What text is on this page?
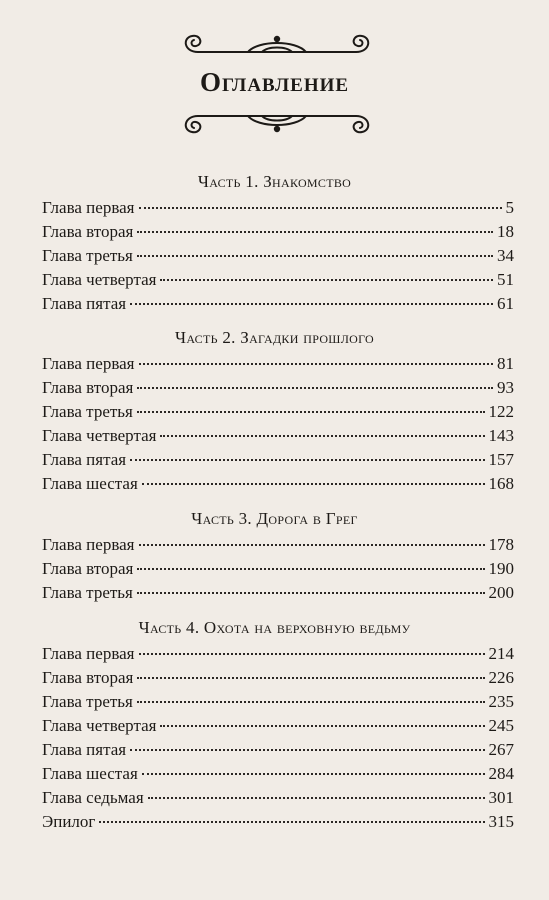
Оглавление
Часть 1. Знакомство
Глава первая	5
Глава вторая	18
Глава третья	34
Глава четвертая	51
Глава пятая	61
Часть 2. Загадки прошлого
Глава первая	81
Глава вторая	93
Глава третья	122
Глава четвертая	143
Глава пятая	157
Глава шестая	168
Часть 3. Дорога в Грег
Глава первая	178
Глава вторая	190
Глава третья	200
Часть 4. Охота на верховную ведьму
Глава первая	214
Глава вторая	226
Глава третья	235
Глава четвертая	245
Глава пятая	267
Глава шестая	284
Глава седьмая	301
Эпилог	315
